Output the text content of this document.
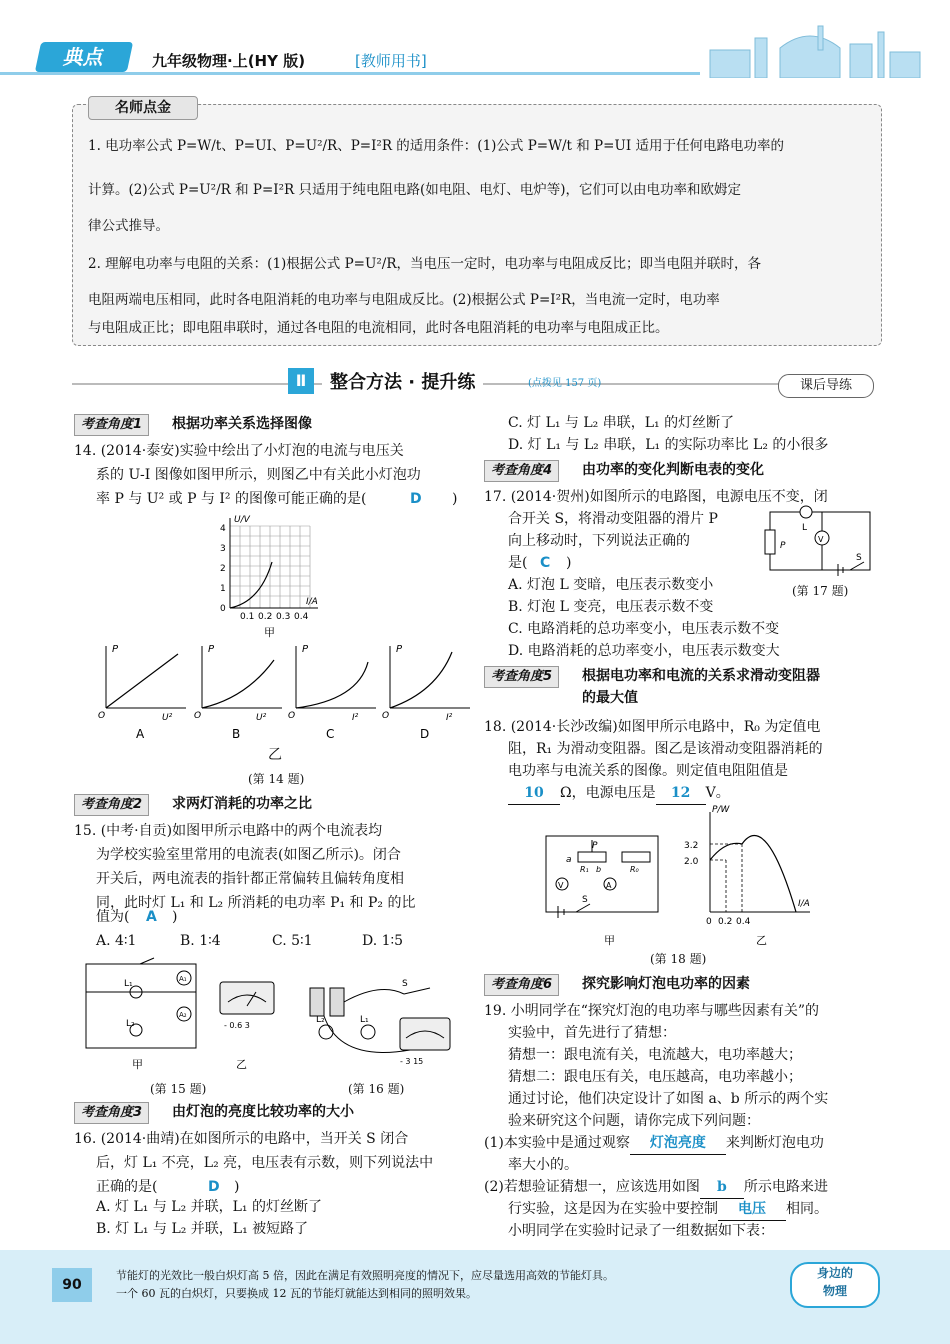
典点	九年级物理·上(HY 版)	[教师用书]
名师点金
1. 电功率公式 P=W/t、P=UI、P=U²/R、P=I²R 的适用条件：(1)公式 P=W/t 和 P=UI 适用于任何电路电功率的
计算。(2)公式 P=U²/R 和 P=I²R 只适用于纯电阻电路(如电阻、电灯、电炉等)，它们可以由电功率和欧姆定
律公式推导。
2. 理解电功率与电阻的关系：(1)根据公式 P=U²/R，当电压一定时，电功率与电阻成反比；即当电阻并联时，各
电阻两端电压相同，此时各电阻消耗的电功率与电阻成反比。(2)根据公式 P=I²R，当电流一定时，电功率
与电阻成正比；即电阻串联时，通过各电阻的电流相同，此时各电阻消耗的电功率与电阻成正比。
Ⅱ	整合方法 · 提升练	(点拨见 157 页)	课后导练
考查角度1	根据功率关系选择图像
14. (2014·泰安)实验中绘出了小灯泡的电流与电压关
系的 U-I 图像如图甲所示，则图乙中有关此小灯泡功
率 P 与 U² 或 P 与 I² 的图像可能正确的是(	D )
U/V
I/A
0
1
2
3
4
0.1 0.2 0.3 0.4
甲
P	P	P	P
O	O	O	O
U²	U²	I²	I²
A	B	C	D
乙
(第 14 题)
考查角度2	求两灯消耗的功率之比
15. (中考·自贡)如图甲所示电路中的两个电流表均
为学校实验室里常用的电流表(如图乙所示)。闭合
开关后，两电流表的指针都正常偏转且偏转角度相
同，此时灯 L₁ 和 L₂ 所消耗的电功率 P₁ 和 P₂ 的比
值为( A )
A. 4∶1	B. 1∶4	C. 5∶1	D. 1∶5
L₁
L₂
A₁
A₂
- 0.6 3
S
L₂	L₁
- 3 15
甲	乙
(第 15 题)	(第 16 题)
考查角度3	由灯泡的亮度比较功率的大小
16. (2014·曲靖)在如图所示的电路中，当开关 S 闭合
后，灯 L₁ 不亮，L₂ 亮，电压表有示数，则下列说法中
正确的是(	D )
A. 灯 L₁ 与 L₂ 并联，L₁ 的灯丝断了
B. 灯 L₁ 与 L₂ 并联，L₁ 被短路了
C. 灯 L₁ 与 L₂ 串联，L₁ 的灯丝断了
D. 灯 L₁ 与 L₂ 串联，L₁ 的实际功率比 L₂ 的小很多
考查角度4	由功率的变化判断电表的变化
17. (2014·贺州)如图所示的电路图，电源电压不变，闭
合开关 S，将滑动变阻器的滑片 P
向上移动时，下列说法正确的
是( C )
A. 灯泡 L 变暗，电压表示数变小
B. 灯泡 L 变亮，电压表示数不变
C. 电路消耗的总功率变小，电压表示数不变
D. 电路消耗的总功率变小，电压表示数变大
L
V
P
S
(第 17 题)
考查角度5	根据电功率和电流的关系求滑动变阻器
的最大值
18. (2014·长沙改编)如图甲所示电路中，R₀ 为定值电
阻，R₁ 为滑动变阻器。图乙是该滑动变阻器消耗的
电功率与电流关系的图像。则定值电阻阻值是
10 Ω，电源电压是 12 V。
P
a
b
R₁	R₀
V	A
S
P/W
I/A
3.2
2.0
0 0.2 0.4
甲	乙
(第 18 题)
考查角度6	探究影响灯泡电功率的因素
19. 小明同学在“探究灯泡的电功率与哪些因素有关”的
实验中，首先进行了猜想：
猜想一：跟电流有关，电流越大，电功率越大；
猜想二：跟电压有关，电压越高，电功率越小；
通过讨论，他们决定设计了如图 a、b 所示的两个实
验来研究这个问题，请你完成下列问题：
(1)本实验中是通过观察 灯泡亮度 来判断灯泡电功
率大小的。
(2)若想验证猜想一，应该选用如图 b 所示电路来进
行实验，这是因为在实验中要控制 电压 相同。
小明同学在实验时记录了一组数据如下表：
90
节能灯的光效比一般白炽灯高 5 倍，因此在满足有效照明亮度的情况下，应尽量选用高效的节能灯具。
一个 60 瓦的白炽灯，只要换成 12 瓦的节能灯就能达到相同的照明效果。
身边的
物理
